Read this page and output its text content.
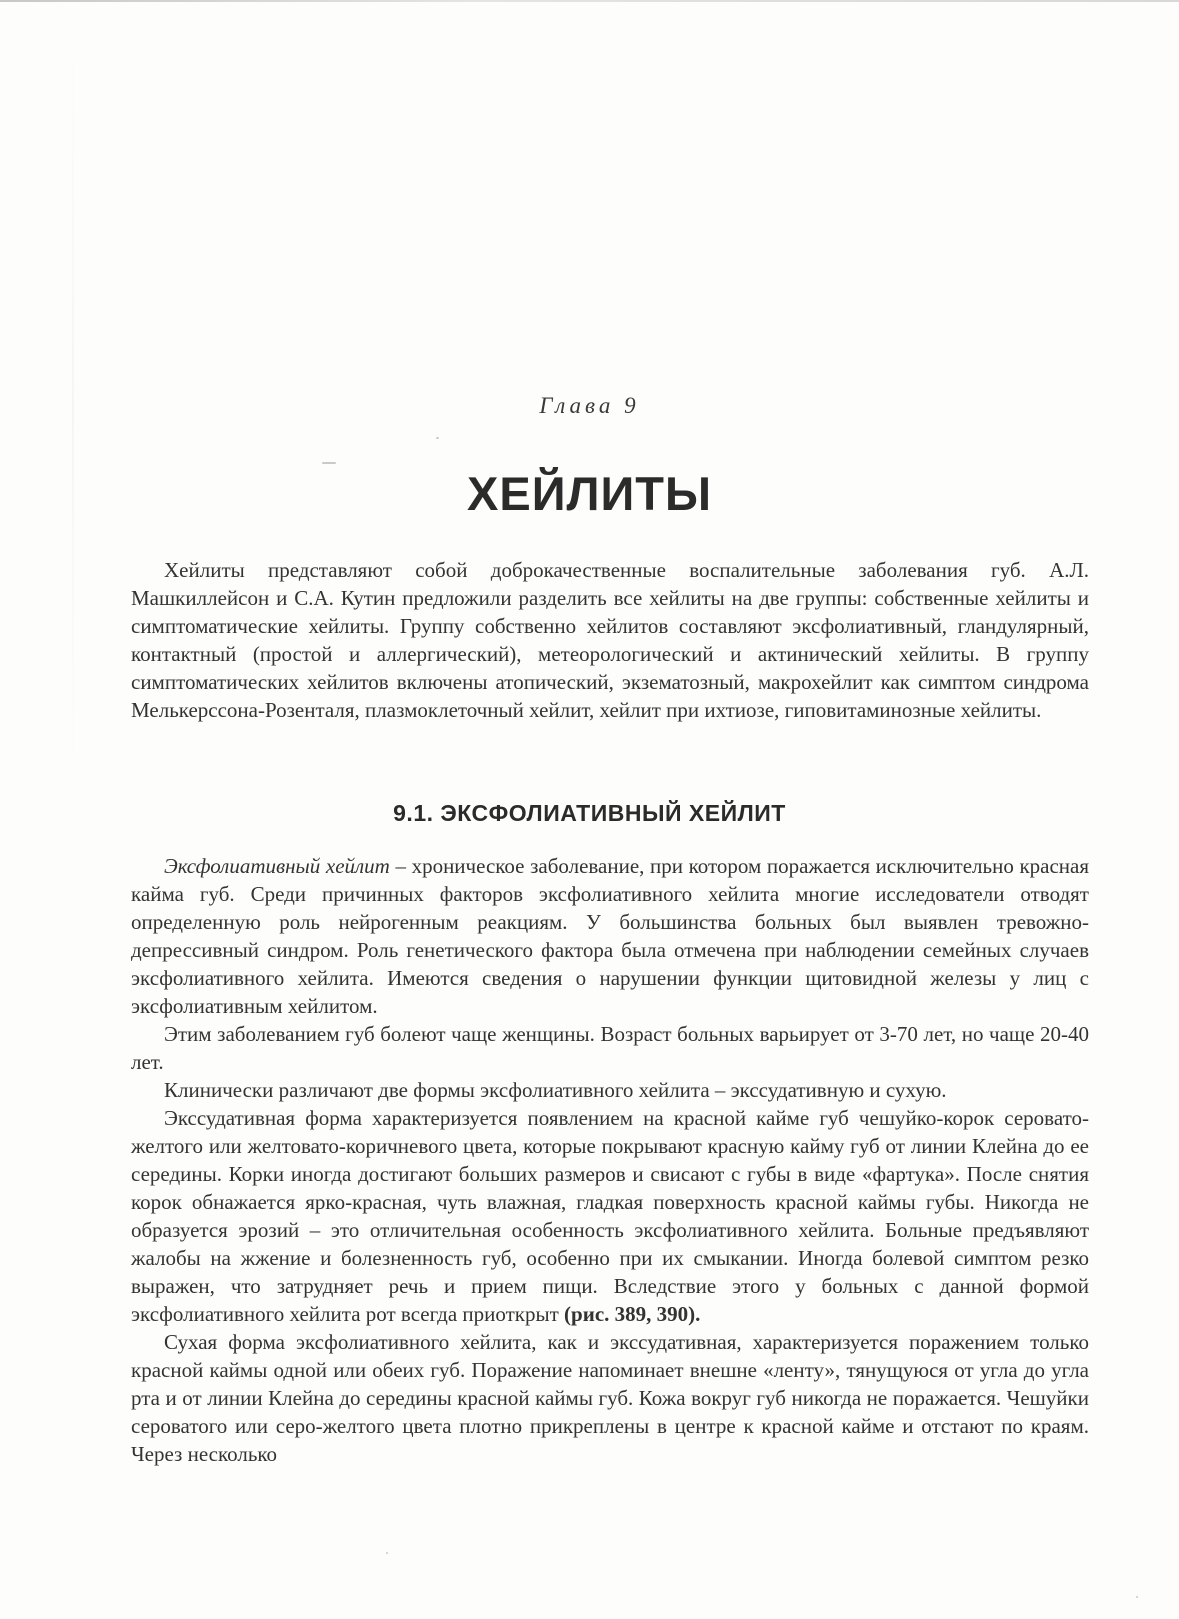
Глава 9
ХЕЙЛИТЫ

Хейлиты представляют собой доброкачественные воспалительные заболевания губ. А.Л. Машкиллейсон и С.А. Кутин предложили разделить все хейлиты на две группы: собственные хейлиты и симптоматические хейлиты. Группу собственно хейлитов составляют эксфолиативный, гландулярный, контактный (простой и аллергический), метеорологический и актинический хейлиты. В группу симптоматических хейлитов включены атопический, экзематозный, макрохейлит как симптом синдрома Мелькерссона-Розенталя, плазмоклеточный хейлит, хейлит при ихтиозе, гиповитаминозные хейлиты.

9.1. ЭКСФОЛИАТИВНЫЙ ХЕЙЛИТ

Эксфолиативный хейлит – хроническое заболевание, при котором поражается исключительно красная кайма губ. Среди причинных факторов эксфолиативного хейлита многие исследователи отводят определенную роль нейрогенным реакциям. У большинства больных был выявлен тревожно-депрессивный синдром. Роль генетического фактора была отмечена при наблюдении семейных случаев эксфолиативного хейлита. Имеются сведения о нарушении функции щитовидной железы у лиц с эксфолиативным хейлитом.

Этим заболеванием губ болеют чаще женщины. Возраст больных варьирует от 3-70 лет, но чаще 20-40 лет.

Клинически различают две формы эксфолиативного хейлита – экссудативную и сухую.

Экссудативная форма характеризуется появлением на красной кайме губ чешуйко-корок серовато-желтого или желтовато-коричневого цвета, которые покрывают красную кайму губ от линии Клейна до ее середины. Корки иногда достигают больших размеров и свисают с губы в виде «фартука». После снятия корок обнажается ярко-красная, чуть влажная, гладкая поверхность красной каймы губы. Никогда не образуется эрозий – это отличительная особенность эксфолиативного хейлита. Больные предъявляют жалобы на жжение и болезненность губ, особенно при их смыкании. Иногда болевой симптом резко выражен, что затрудняет речь и прием пищи. Вследствие этого у больных с данной формой эксфолиативного хейлита рот всегда приоткрыт (рис. 389, 390).

Сухая форма эксфолиативного хейлита, как и экссудативная, характеризуется поражением только красной каймы одной или обеих губ. Поражение напоминает внешне «ленту», тянущуюся от угла до угла рта и от линии Клейна до середины красной каймы губ. Кожа вокруг губ никогда не поражается. Чешуйки сероватого или серо-желтого цвета плотно прикреплены в центре к красной кайме и отстают по краям. Через несколько
